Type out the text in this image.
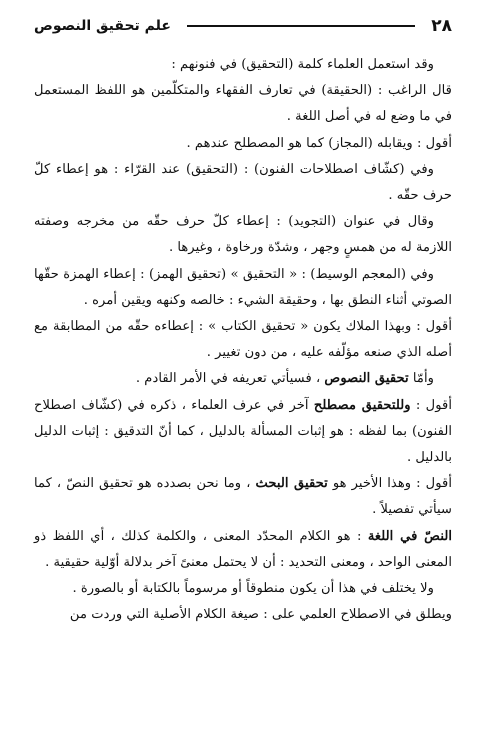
٢٨
علم تحقيق النصوص

وقد استعمل العلماء كلمة (التحقيق) في فنونهم :

قال الراغب : (الحقيقة) في تعارف الفقهاء والمتكلّمين هو اللفظ المستعمل في ما وضع له في أصل اللغة .

أقول : ويقابله (المجاز) كما هو المصطلح عندهم .

وفي (كشّاف اصطلاحات الفنون) : (التحقيق) عند القرّاء : هو إعطاء كلّ حرف حقّه .

وقال في عنوان (التجويد) : إعطاء كلّ حرف حقّه من مخرجه وصفته اللازمة له من همسٍ وجهر ، وشدّة ورخاوة ، وغيرها .

وفي (المعجم الوسيط) : « التحقيق » (تحقيق الهمز) : إعطاء الهمزة حقّها الصوتي أثناء النطق بها ، وحقيقة الشيء : خالصه وكنهه ويقين أمره .

أقول : وبهذا الملاك يكون « تحقيق الكتاب » : إعطاءه حقّه من المطابقة مع أصله الذي صنعه مؤلّفه عليه ، من دون تغيير .

وأمّا تحقيق النصوص ، فسيأتي تعريفه في الأمر القادم .

أقول : وللتحقيق مصطلح آخر في عرف العلماء ، ذكره في (كشّاف اصطلاح الفنون) بما لفظه : هو إثبات المسألة بالدليل ، كما أنّ التدقيق : إثبات الدليل بالدليل .

أقول : وهذا الأخير هو تحقيق البحث ، وما نحن بصدده هو تحقيق النصّ ، كما سيأتي تفصيلاً .

النصّ في اللغة : هو الكلام المحدّد المعنى ، والكلمة كذلك ، أي اللفظ ذو المعنى الواحد ، ومعنى التحديد : أن لا يحتمل معنىً آخر بدلالة أوّلية حقيقية .

ولا يختلف في هذا أن يكون منطوقاً أو مرسوماً بالكتابة أو بالصورة .

ويطلق في الاصطلاح العلمي على : صيغة الكلام الأصلية التي وردت من
